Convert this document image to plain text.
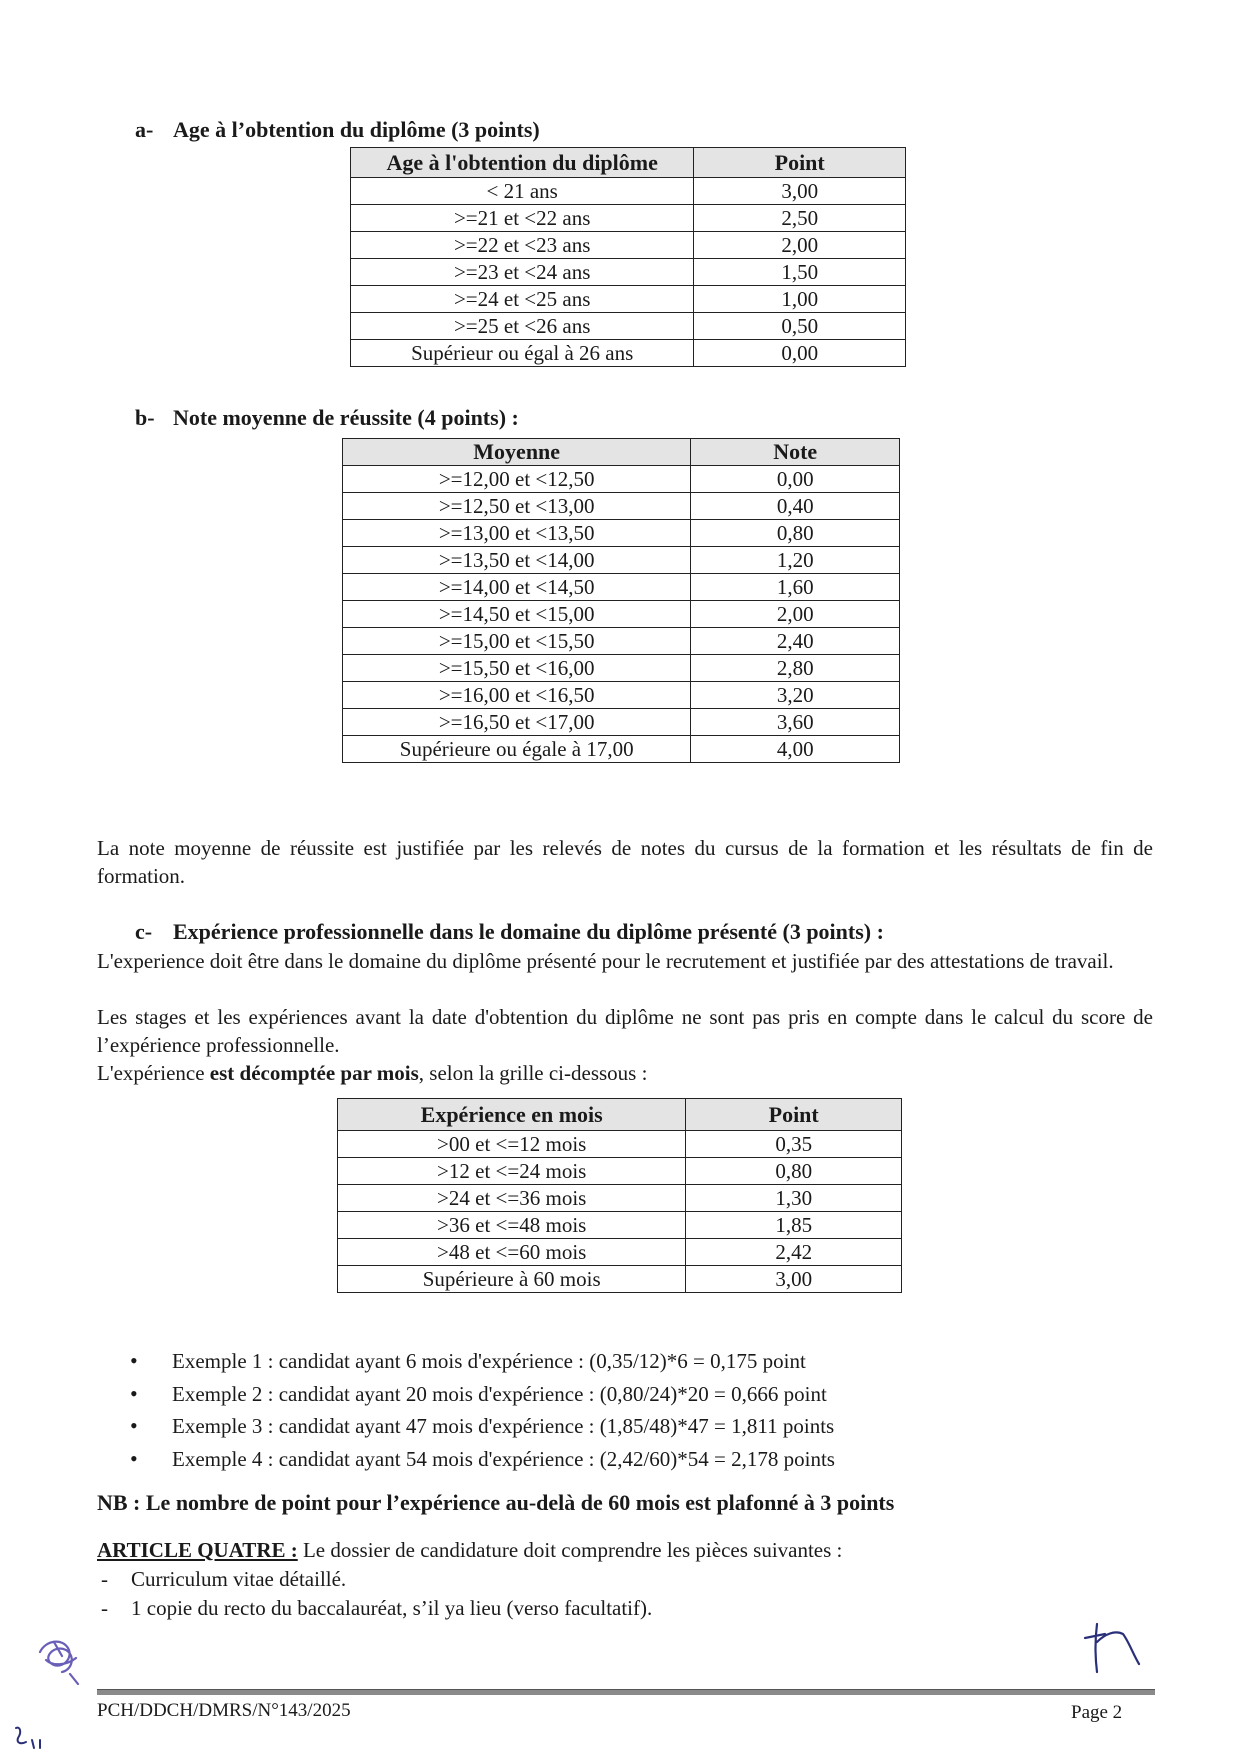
a- Age à l’obtention du diplôme (3 points)
Age à l'obtention du diplôme	Point
< 21 ans	3,00
>=21 et <22 ans	2,50
>=22 et <23 ans	2,00
>=23 et <24 ans	1,50
>=24 et <25 ans	1,00
>=25 et <26 ans	0,50
Supérieur ou égal à 26 ans	0,00
b- Note moyenne de réussite (4 points) :
Moyenne	Note
>=12,00 et <12,50	0,00
>=12,50 et <13,00	0,40
>=13,00 et <13,50	0,80
>=13,50 et <14,00	1,20
>=14,00 et <14,50	1,60
>=14,50 et <15,00	2,00
>=15,00 et <15,50	2,40
>=15,50 et <16,00	2,80
>=16,00 et <16,50	3,20
>=16,50 et <17,00	3,60
Supérieure ou égale à 17,00	4,00
La note moyenne de réussite est justifiée par les relevés de notes du cursus de la formation et les résultats de fin de formation.
c- Expérience professionnelle dans le domaine du diplôme présenté (3 points) :
L'experience doit être dans le domaine du diplôme présenté pour le recrutement et justifiée par des attestations de travail.
Les stages et les expériences avant la date d'obtention du diplôme ne sont pas pris en compte dans le calcul du score de l’expérience professionnelle.
L'expérience est décomptée par mois, selon la grille ci-dessous :
Expérience en mois	Point
>00 et <=12 mois	0,35
>12 et <=24 mois	0,80
>24 et <=36 mois	1,30
>36 et <=48 mois	1,85
>48 et <=60 mois	2,42
Supérieure à 60 mois	3,00
• Exemple 1 : candidat ayant 6 mois d'expérience : (0,35/12)*6 = 0,175 point
• Exemple 2 : candidat ayant 20 mois d'expérience : (0,80/24)*20 = 0,666 point
• Exemple 3 : candidat ayant 47 mois d'expérience : (1,85/48)*47 = 1,811 points
• Exemple 4 : candidat ayant 54 mois d'expérience : (2,42/60)*54 = 2,178 points
NB : Le nombre de point pour l’expérience au-delà de 60 mois est plafonné à 3 points
ARTICLE QUATRE : Le dossier de candidature doit comprendre les pièces suivantes :
- Curriculum vitae détaillé.
- 1 copie du recto du baccalauréat, s’il ya lieu (verso facultatif).
PCH/DDCH/DMRS/N°143/2025	Page 2
